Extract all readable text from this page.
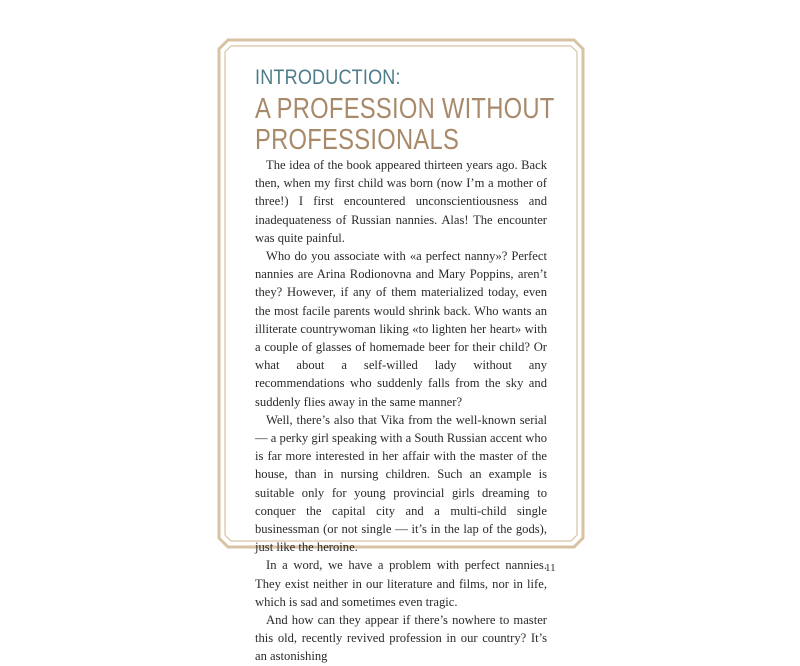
INTRODUCTION:
A PROFESSION WITHOUT
PROFESSIONALS

The idea of the book appeared thirteen years ago. Back then, when my first child was born (now I’m a mother of three!) I first encountered unconscientiousness and inadequateness of Russian nannies. Alas! The encounter was quite painful.

Who do you associate with «a perfect nanny»? Perfect nannies are Arina Rodionovna and Mary Poppins, aren’t they? However, if any of them materialized today, even the most facile parents would shrink back. Who wants an illiterate countrywoman liking «to lighten her heart» with a couple of glasses of homemade beer for their child? Or what about a self-willed lady without any recommendations who suddenly falls from the sky and suddenly flies away in the same manner?

Well, there’s also that Vika from the well-known serial — a perky girl speaking with a South Russian accent who is far more interested in her affair with the master of the house, than in nursing children. Such an example is suitable only for young provincial girls dreaming to conquer the capital city and a multi-child single businessman (or not single — it’s in the lap of the gods), just like the heroine.

In a word, we have a problem with perfect nannies. They exist neither in our literature and films, nor in life, which is sad and sometimes even tragic.

And how can they appear if there’s nowhere to master this old, recently revived profession in our country? It’s an astonishing

11
